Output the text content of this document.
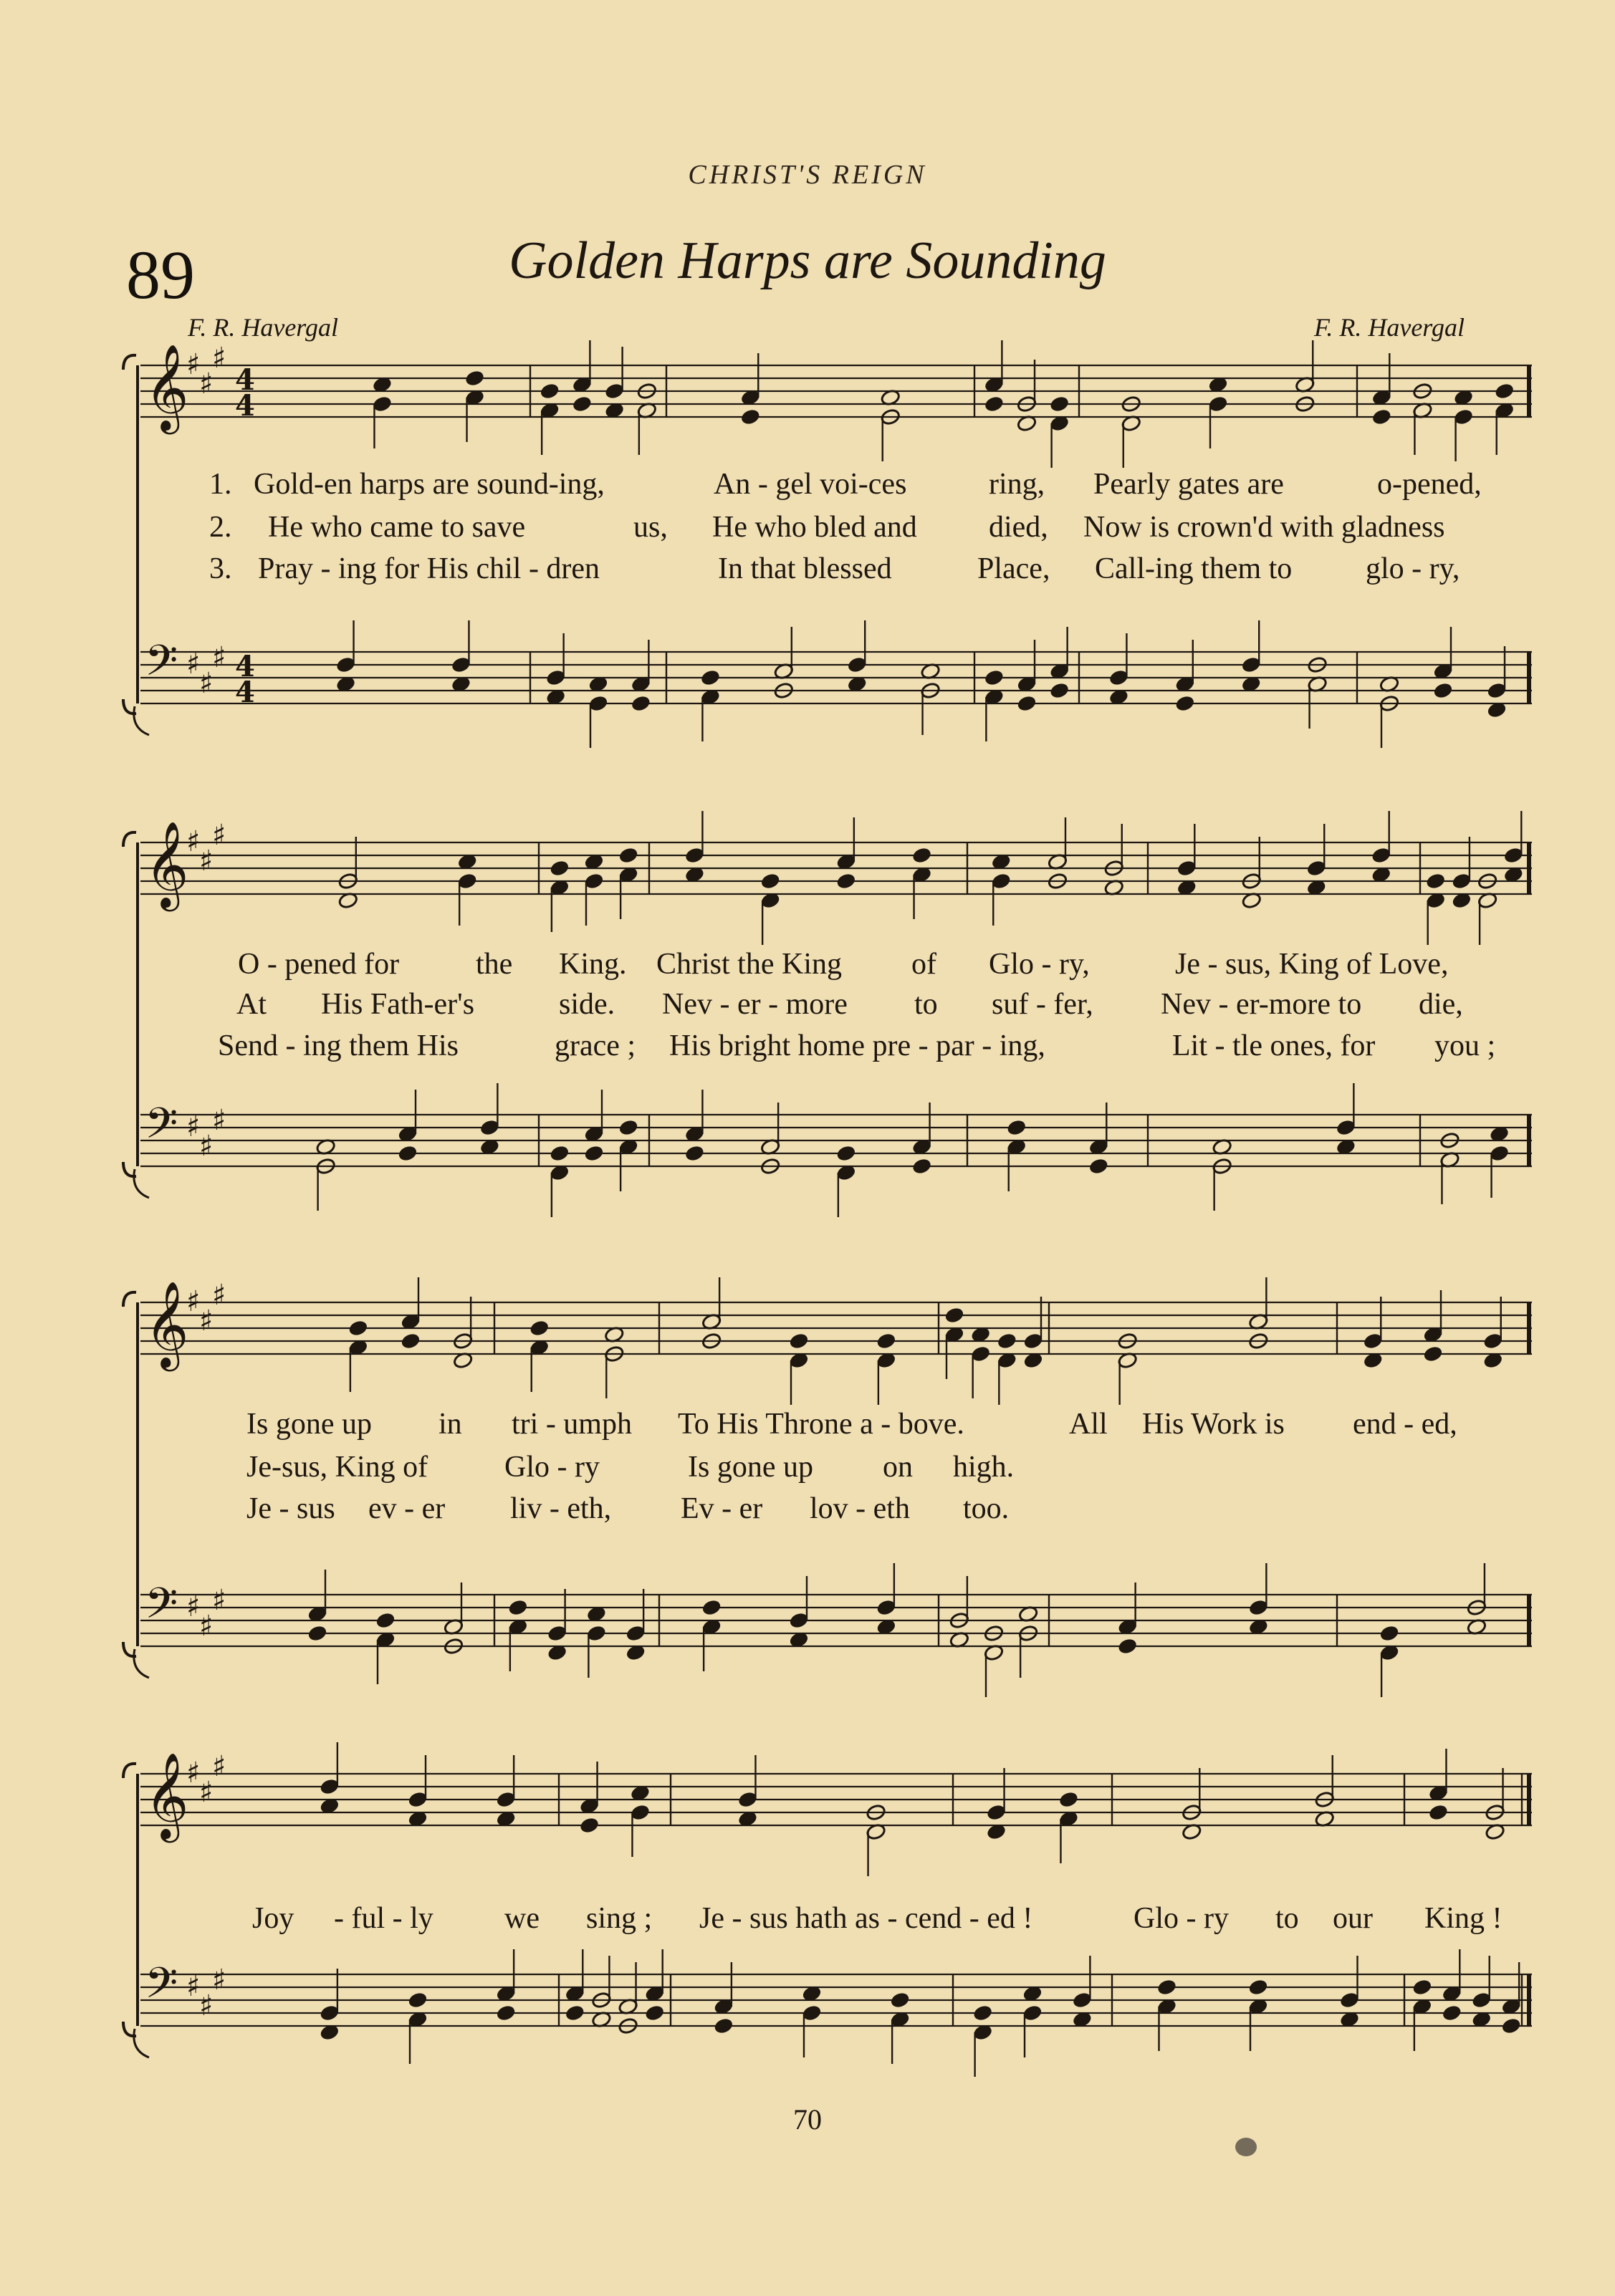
CHRIST'S REIGN
89	Golden Harps are Sounding
F. R. Havergal	F. R. Havergal
𝄞
♯
♯
♯
4
4
𝄢 ♯
♯
♯ 4
4
𝄞
♯
♯
♯
𝄢 ♯
♯
♯
𝄞
♯
♯
♯
𝄢 ♯
♯
♯
𝄞
♯
♯
♯
𝄢 ♯
♯
♯

1.

Gold-en harps are sound-ing,

	An - gel voi-ces

	ring,

Pearly gates are

	o-pened,

2.

He who came to save

	us,

He who bled and

died,

Now is crown'd with gladness

3.

Pray - ing for His chil - dren

	In that blessed

	Place,

Call-ing them to

glo - ry,

O - pened for

	the

King.

Christ the King

of

Glo - ry,

	Je - sus, King of Love,

At

His Fath-er's

	side.

Nev - er - more

to

suf - fer,

Nev - er-more to

die,

Send - ing them His

	grace ;

His bright home pre - par - ing,

	Lit - tle ones, for

you ;

Is gone up

in

tri - umph

To His Throne a - bove.

	All

His Work is

end - ed,

Je-sus, King of

	Glo - ry

	Is gone up

on

high.

Je - sus

ev - er

liv - eth,

Ev - er

lov - eth

too.

Joy

- ful - ly

we

sing ;

Je - sus hath as - cend - ed !

	Glo - ry

to

our

King !

70
